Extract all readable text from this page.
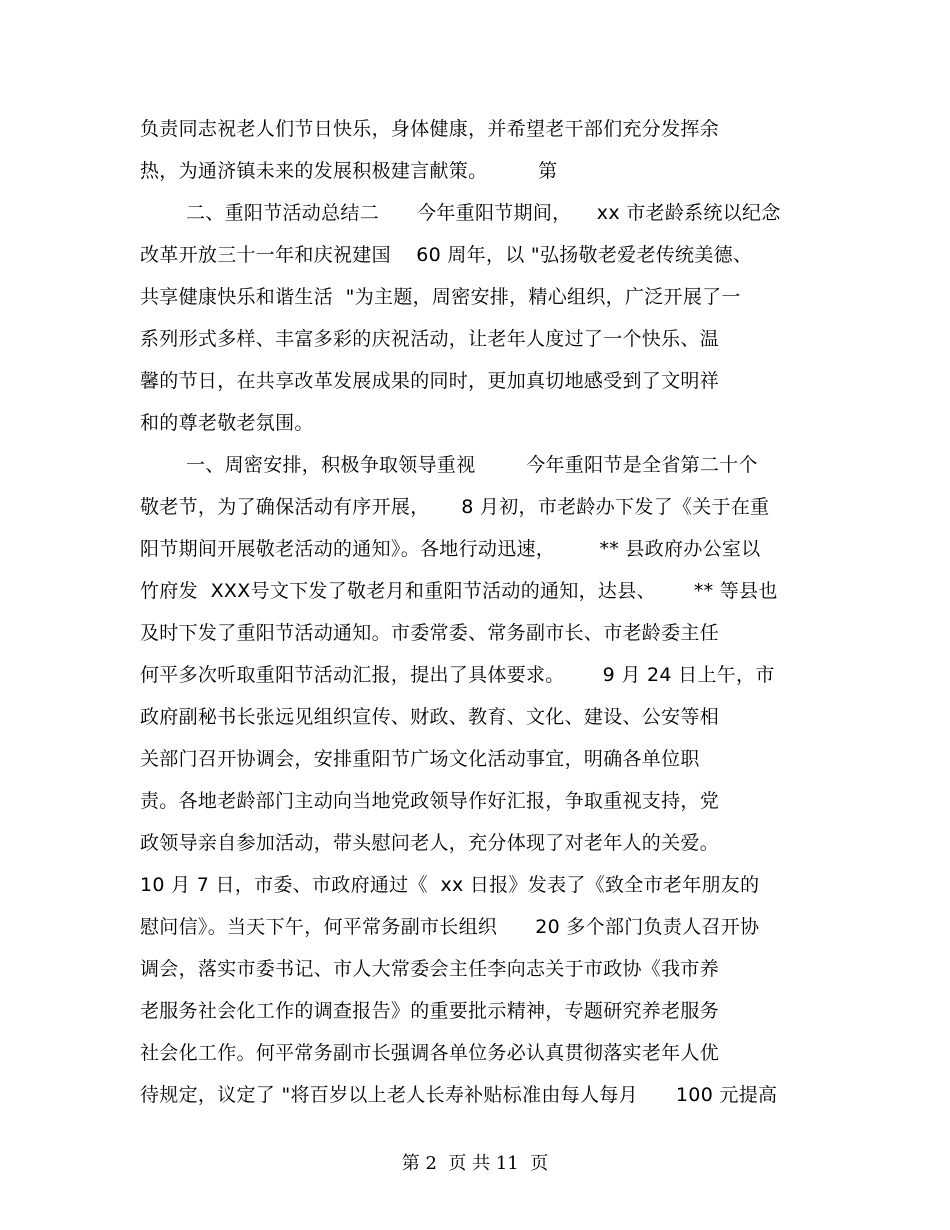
负责同志祝老人们节日快乐，身体健康，并希望老干部们充分发挥余
热，为通济镇未来的发展积极建言献策。        第
二、重阳节活动总结二      今年重阳节期间，    xx 市老龄系统以纪念
改革开放三十一年和庆祝建国    60 周年，以 "弘扬敬老爱老传统美德、
共享健康快乐和谐生活  "为主题，周密安排，精心组织，广泛开展了一
系列形式多样、丰富多彩的庆祝活动，让老年人度过了一个快乐、温
馨的节日，在共享改革发展成果的同时，更加真切地感受到了文明祥
和的尊老敬老氛围。
一、周密安排，积极争取领导重视        今年重阳节是全省第二十个
敬老节，为了确保活动有序开展，     8 月初，市老龄办下发了《关于在重
阳节期间开展敬老活动的通知》。各地行动迅速，       ** 县政府办公室以
竹府发  XXX号文下发了敬老月和重阳节活动的通知，达县、      ** 等县也
及时下发了重阳节活动通知。市委常委、常务副市长、市老龄委主任
何平多次听取重阳节活动汇报，提出了具体要求。      9 月 24 日上午，市
政府副秘书长张远见组织宣传、财政、教育、文化、建设、公安等相
关部门召开协调会，安排重阳节广场文化活动事宜，明确各单位职
责。各地老龄部门主动向当地党政领导作好汇报，争取重视支持，党
政领导亲自参加活动，带头慰问老人，充分体现了对老年人的关爱。
10 月 7 日，市委、市政府通过《  xx 日报》发表了《致全市老年朋友的
慰问信》。当天下午，何平常务副市长组织      20 多个部门负责人召开协
调会，落实市委书记、市人大常委会主任李向志关于市政协《我市养
老服务社会化工作的调查报告》的重要批示精神，专题研究养老服务
社会化工作。何平常务副市长强调各单位务必认真贯彻落实老年人优
待规定，议定了 "将百岁以上老人长寿补贴标准由每人每月      100 元提高
第 2  页 共 11  页
